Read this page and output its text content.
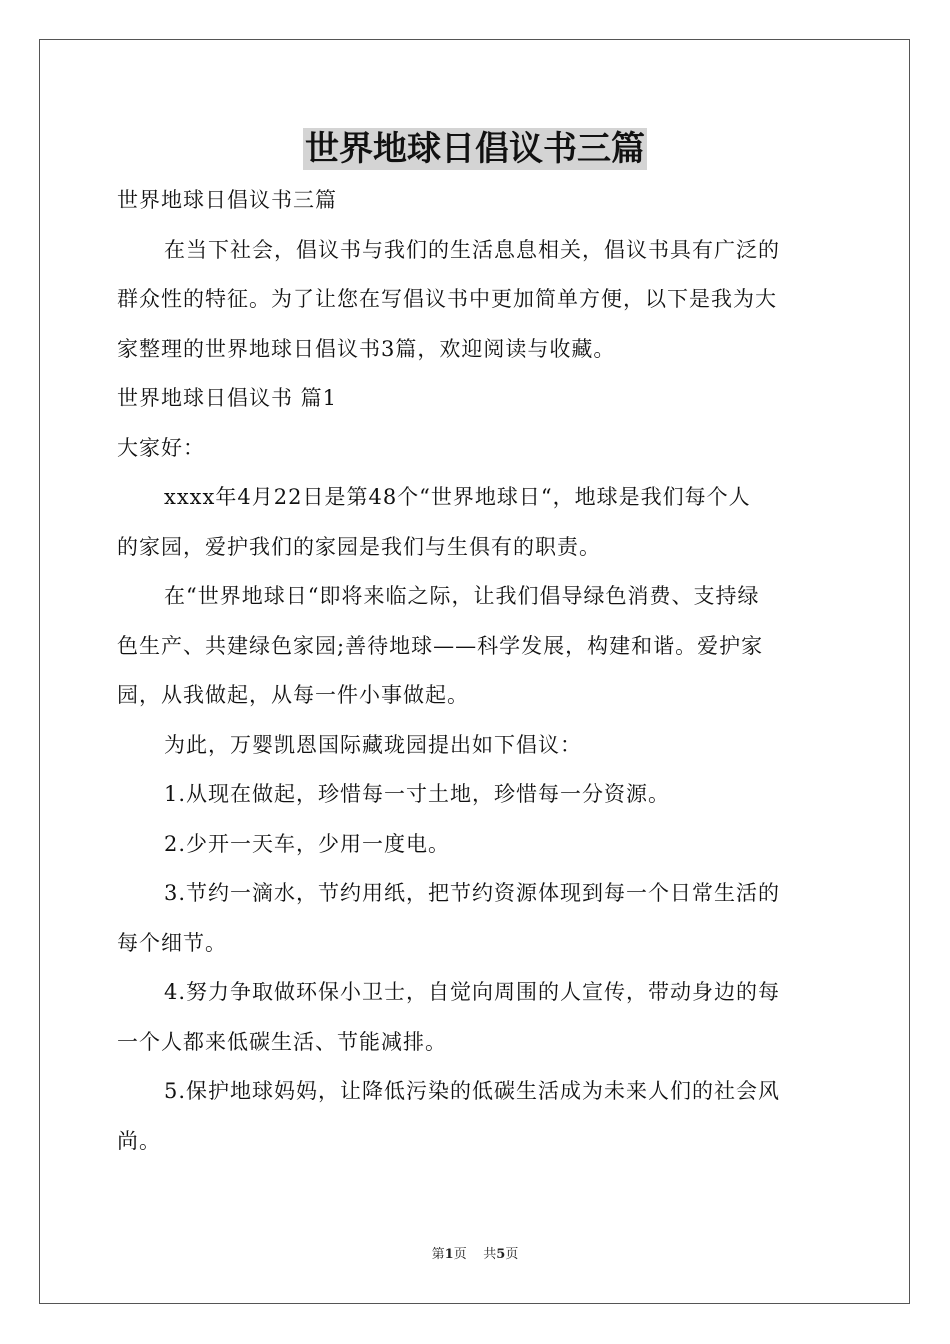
世界地球日倡议书三篇

世界地球日倡议书三篇

在当下社会，倡议书与我们的生活息息相关，倡议书具有广泛的

群众性的特征。为了让您在写倡议书中更加简单方便，以下是我为大

家整理的世界地球日倡议书3篇，欢迎阅读与收藏。

世界地球日倡议书 篇1

大家好：

xxxx年4月22日是第48个“世界地球日“，地球是我们每个人

的家园，爱护我们的家园是我们与生俱有的职责。

在“世界地球日“即将来临之际，让我们倡导绿色消费、支持绿

色生产、共建绿色家园;善待地球——科学发展，构建和谐。爱护家

园，从我做起，从每一件小事做起。

为此，万婴凯恩国际藏珑园提出如下倡议：

1.从现在做起，珍惜每一寸土地，珍惜每一分资源。

2.少开一天车，少用一度电。

3.节约一滴水，节约用纸，把节约资源体现到每一个日常生活的

每个细节。

4.努力争取做环保小卫士，自觉向周围的人宣传，带动身边的每

一个人都来低碳生活、节能减排。

5.保护地球妈妈，让降低污染的低碳生活成为未来人们的社会风

尚。

第1页 共5页
